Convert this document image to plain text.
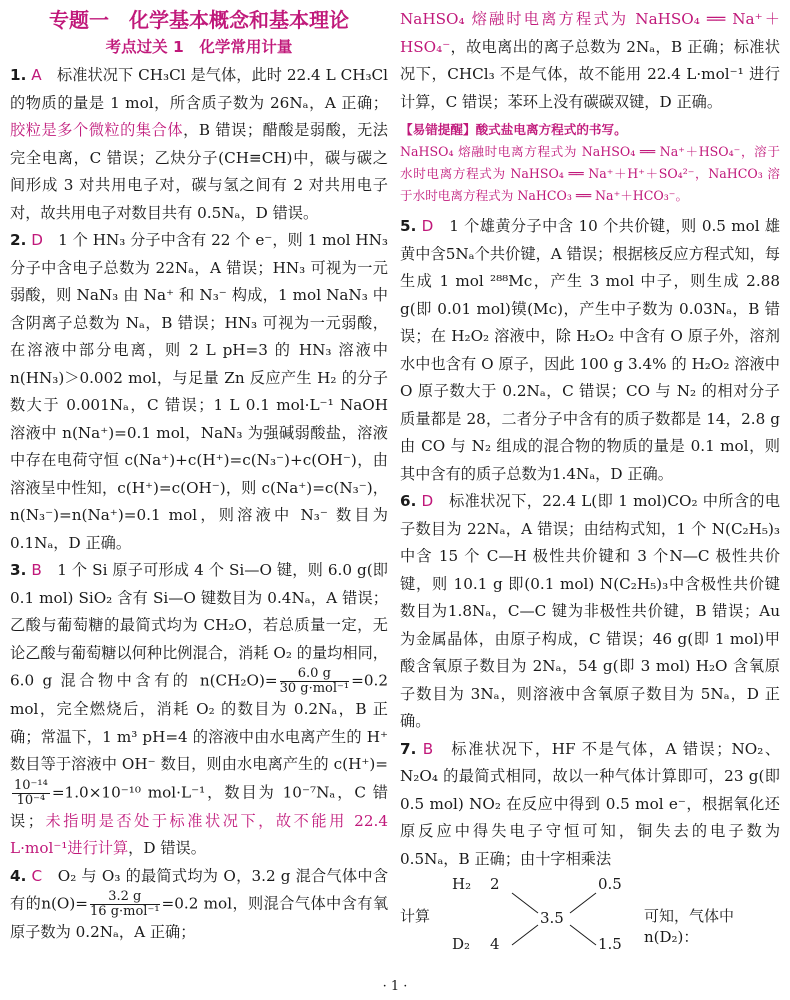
专题一　化学基本概念和基本理论

考点过关 1　化学常用计量

1. A　 标准状况下 CH₃Cl 是气体，此时 22.4 L CH₃Cl 的物质的量是 1 mol，所含质子数为 26Nₐ，A 正确；胶粒是多个微粒的集合体，B 错误；醋酸是弱酸，无法完全电离，C 错误；乙炔分子(CH≡CH)中，碳与碳之间形成 3 对共用电子对，碳与氢之间有 2 对共用电子对，故共用电子对数目共有 0.5Nₐ，D 错误。

2. D　 1 个 HN₃ 分子中含有 22 个 e⁻，则 1 mol HN₃ 分子中含电子总数为 22Nₐ，A 错误；HN₃ 可视为一元弱酸，则 NaN₃ 由 Na⁺ 和 N₃⁻ 构成，1 mol NaN₃ 中含阴离子总数为 Nₐ，B 错误；HN₃ 可视为一元弱酸，在溶液中部分电离，则 2 L pH=3 的 HN₃ 溶液中n(HN₃)＞0.002 mol，与足量 Zn 反应产生 H₂ 的分子数大于 0.001Nₐ，C 错误；1 L 0.1 mol·L⁻¹ NaOH 溶液中 n(Na⁺)=0.1 mol，NaN₃ 为强碱弱酸盐，溶液中存在电荷守恒 c(Na⁺)+c(H⁺)=c(N₃⁻)+c(OH⁻)，由溶液呈中性知，c(H⁺)=c(OH⁻)，则 c(Na⁺)=c(N₃⁻)，n(N₃⁻)=n(Na⁺)=0.1 mol，则溶液中 N₃⁻ 数目为 0.1Nₐ，D 正确。

3. B　 1 个 Si 原子可形成 4 个 Si—O 键，则 6.0 g(即 0.1 mol) SiO₂ 含有 Si—O 键数目为 0.4Nₐ，A 错误；乙酸与葡萄糖的最简式均为 CH₂O，若总质量一定，无论乙酸与葡萄糖以何种比例混合，消耗 O₂ 的量均相同，6.0 g 混合物中含有的 $n(CH_2O)= \frac{6.0 g}{\text{30 g·mol⁻¹}} =0.2$ mol，完全燃烧后，消耗 O₂ 的数目为 0.2Nₐ，B 正确；常温下，1 m³ pH=4 的溶液中由水电离产生的 H⁺ 数目等于溶液中 OH⁻ 数目，则由水电离产生的 c(H⁺)=
$\frac{\text{10⁻¹⁴}}{\text{10⁻⁴}} =1.0\times 10^{-10}$ mol·L⁻¹，数目为 10⁻⁷Nₐ，C 错误；未指明是否处于标准状况下，故不能用 22.4 L·mol⁻¹进行计算，D 错误。

4. C　 O₂ 与 O₃ 的最简式均为 O，3.2 g 混合气体中含有的$n(O)= \frac{3.2 g}{\text{16 g·mol⁻¹}} =0.2$ mol，则混合气体中含有氧原子数为 0.2Nₐ，A 正确；

NaHSO₄ 熔融时电离方程式为 NaHSO₄ ══ Na⁺＋HSO₄⁻，故电离出的离子总数为 2Nₐ，B 正确；标准状况下，CHCl₃ 不是气体，故不能用 22.4 L·mol⁻¹ 进行计算，C 错误；苯环上没有碳碳双键，D 正确。

【易错提醒】酸式盐电离方程式的书写。
NaHSO₄ 熔融时电离方程式为 NaHSO₄ ══ Na⁺＋HSO₄⁻，溶于水时电离方程式为 NaHSO₄ ══ Na⁺＋H⁺＋SO₄²⁻，NaHCO₃ 溶于水时电离方程式为 NaHCO₃ ══ Na⁺＋HCO₃⁻。

5. D　 1 个雄黄分子中含 10 个共价键，则 0.5 mol 雄黄中含5Nₐ个共价键，A 错误；根据核反应方程式知，每生成 1 mol ²⁸⁸Mc，产生 3 mol 中子，则生成 2.88 g(即 0.01 mol)镆(Mc)，产生中子数为 0.03Nₐ，B 错误；在 H₂O₂ 溶液中，除 H₂O₂ 中含有 O 原子外，溶剂水中也含有 O 原子，因此 100 g 3.4% 的 H₂O₂ 溶液中 O 原子数大于 0.2Nₐ，C 错误；CO 与 N₂ 的相对分子质量都是 28，二者分子中含有的质子数都是 14，2.8 g 由 CO 与 N₂ 组成的混合物的物质的量是 0.1 mol，则其中含有的质子总数为1.4Nₐ，D 正确。

6. D　 标准状况下，22.4 L(即 1 mol)CO₂ 中所含的电子数目为 22Nₐ，A 错误；由结构式知，1 个 N(C₂H₅)₃ 中含 15 个 C—H 极性共价键和 3 个N—C 极性共价键，则 10.1 g 即(0.1 mol) N(C₂H₅)₃中含极性共价键数目为1.8Nₐ，C—C 键为非极性共价键，B 错误；Au 为金属晶体，由原子构成，C 错误；46 g(即 1 mol)甲酸含氧原子数目为 2Nₐ，54 g(即 3 mol) H₂O 含氧原子数目为 3Nₐ，则溶液中含氧原子数目为 5Nₐ，D 正确。

7. B　 标准状况下，HF 不是气体，A 错误；NO₂、N₂O₄ 的最简式相同，故以一种气体计算即可，23 g(即 0.5 mol) NO₂ 在反应中得到 0.5 mol e⁻，根据氧化还原反应中得失电子守恒可知，铜失去的电子数为 0.5Nₐ，B 正确；由十字相乘法

H₂ 2	0.5
计算	3.5	可知，气体中 n(D₂)：
D₂ 4	1.5
· 1 ·
